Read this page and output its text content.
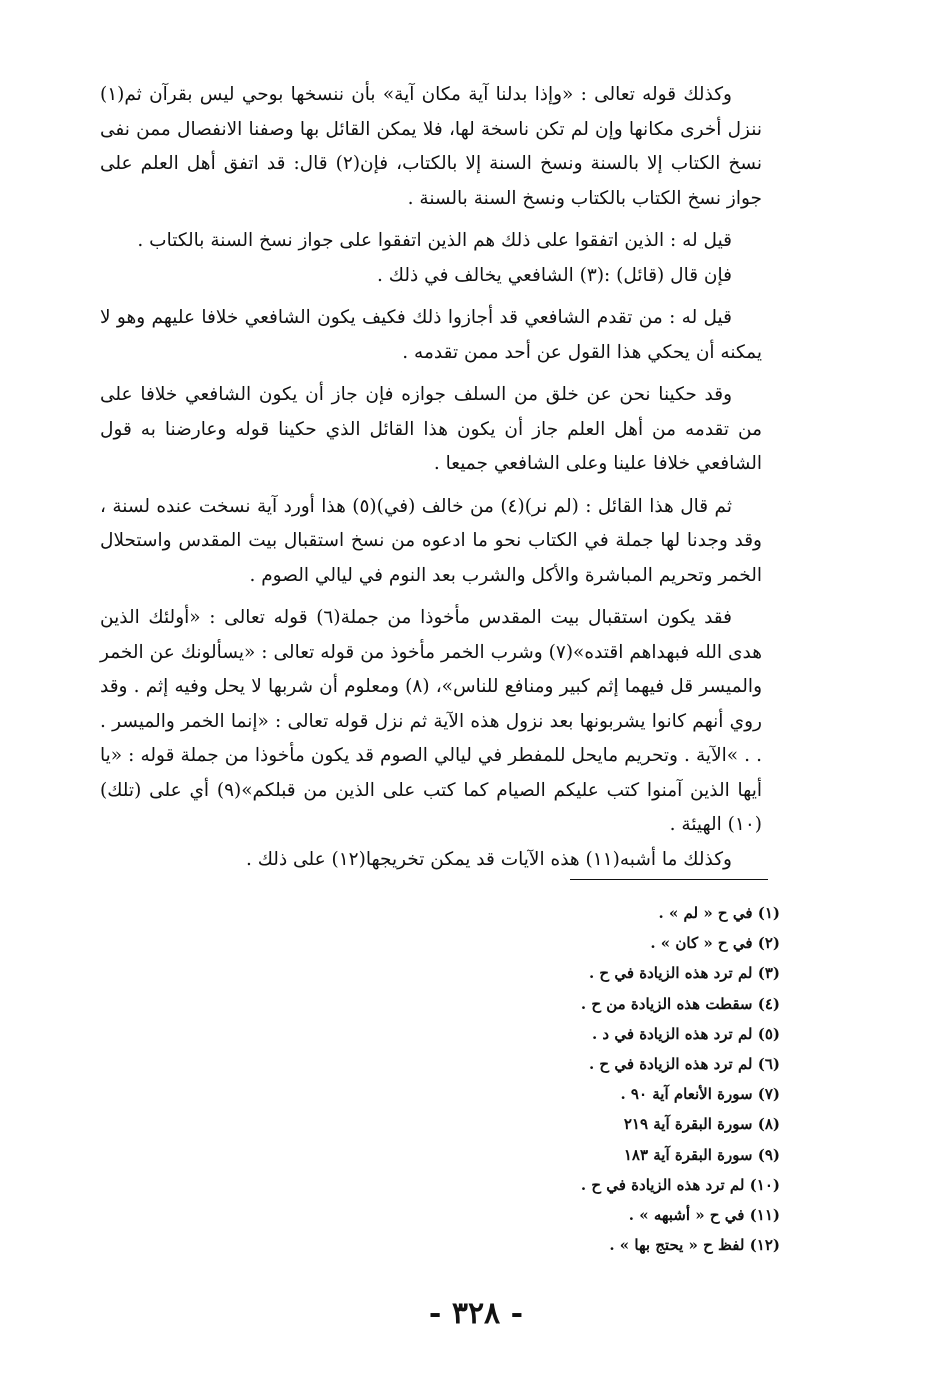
وكذلك قوله تعالى : «وإذا بدلنا آية مكان آية» بأن ننسخها بوحي ليس بقرآن ثم(١) ننزل أخرى مكانها وإن لم تكن ناسخة لها، فلا يمكن القائل بها وصفنا الانفصال ممن نفى نسخ الكتاب إلا بالسنة ونسخ السنة إلا بالكتاب، فإن(٢) قال: قد اتفق أهل العلم على جواز نسخ الكتاب بالكتاب ونسخ السنة بالسنة .

قيل له : الذين اتفقوا على ذلك هم الذين اتفقوا على جواز نسخ السنة بالكتاب .

فإن قال (قائل) :(٣) الشافعي يخالف في ذلك .

قيل له : من تقدم الشافعي قد أجازوا ذلك فكيف يكون الشافعي خلافا عليهم وهو لا يمكنه أن يحكي هذا القول عن أحد ممن تقدمه .

وقد حكينا نحن عن خلق من السلف جوازه فإن جاز أن يكون الشافعي خلافا على من تقدمه من أهل العلم جاز أن يكون هذا القائل الذي حكينا قوله وعارضنا به قول الشافعي خلافا علينا وعلى الشافعي جميعا .

ثم قال هذا القائل : (لم نر)(٤) من خالف (في)(٥) هذا أورد آية نسخت عنده لسنة ، وقد وجدنا لها جملة في الكتاب نحو ما ادعوه من نسخ استقبال بيت المقدس واستحلال الخمر وتحريم المباشرة والأكل والشرب بعد النوم في ليالي الصوم .

فقد يكون استقبال بيت المقدس مأخوذا من جملة(٦) قوله تعالى : «أولئك الذين هدى الله فبهداهم اقتده»(٧) وشرب الخمر مأخوذ من قوله تعالى : «يسألونك عن الخمر والميسر قل فيهما إثم كبير ومنافع للناس»، (٨) ومعلوم أن شربها لا يحل وفيه إثم . وقد روي أنهم كانوا يشربونها بعد نزول هذه الآية ثم نزل قوله تعالى : «إنما الخمر والميسر . . . »الآية . وتحريم مايحل للمفطر في ليالي الصوم قد يكون مأخوذا من جملة قوله : «يا أيها الذين آمنوا كتب عليكم الصيام كما كتب على الذين من قبلكم»(٩) أي على (تلك)(١٠) الهيئة .

وكذلك ما أشبه(١١) هذه الآيات قد يمكن تخريجها(١٢) على ذلك .

(١) في ح « لم » .
(٢) في ح « كان » .
(٣) لم ترد هذه الزيادة في ح .
(٤) سقطت هذه الزيادة من ح .
(٥) لم ترد هذه الزيادة في د .
(٦) لم ترد هذه الزيادة في ح .
(٧) سورة الأنعام آية ٩٠ .
(٨) سورة البقرة آية ٢١٩
(٩) سورة البقرة آية ١٨٣
(١٠) لم ترد هذه الزيادة في ح .
(١١) في ح « أشبهه » .
(١٢) لفظ ح « يحتج بها » .
- ٣٢٨ -
